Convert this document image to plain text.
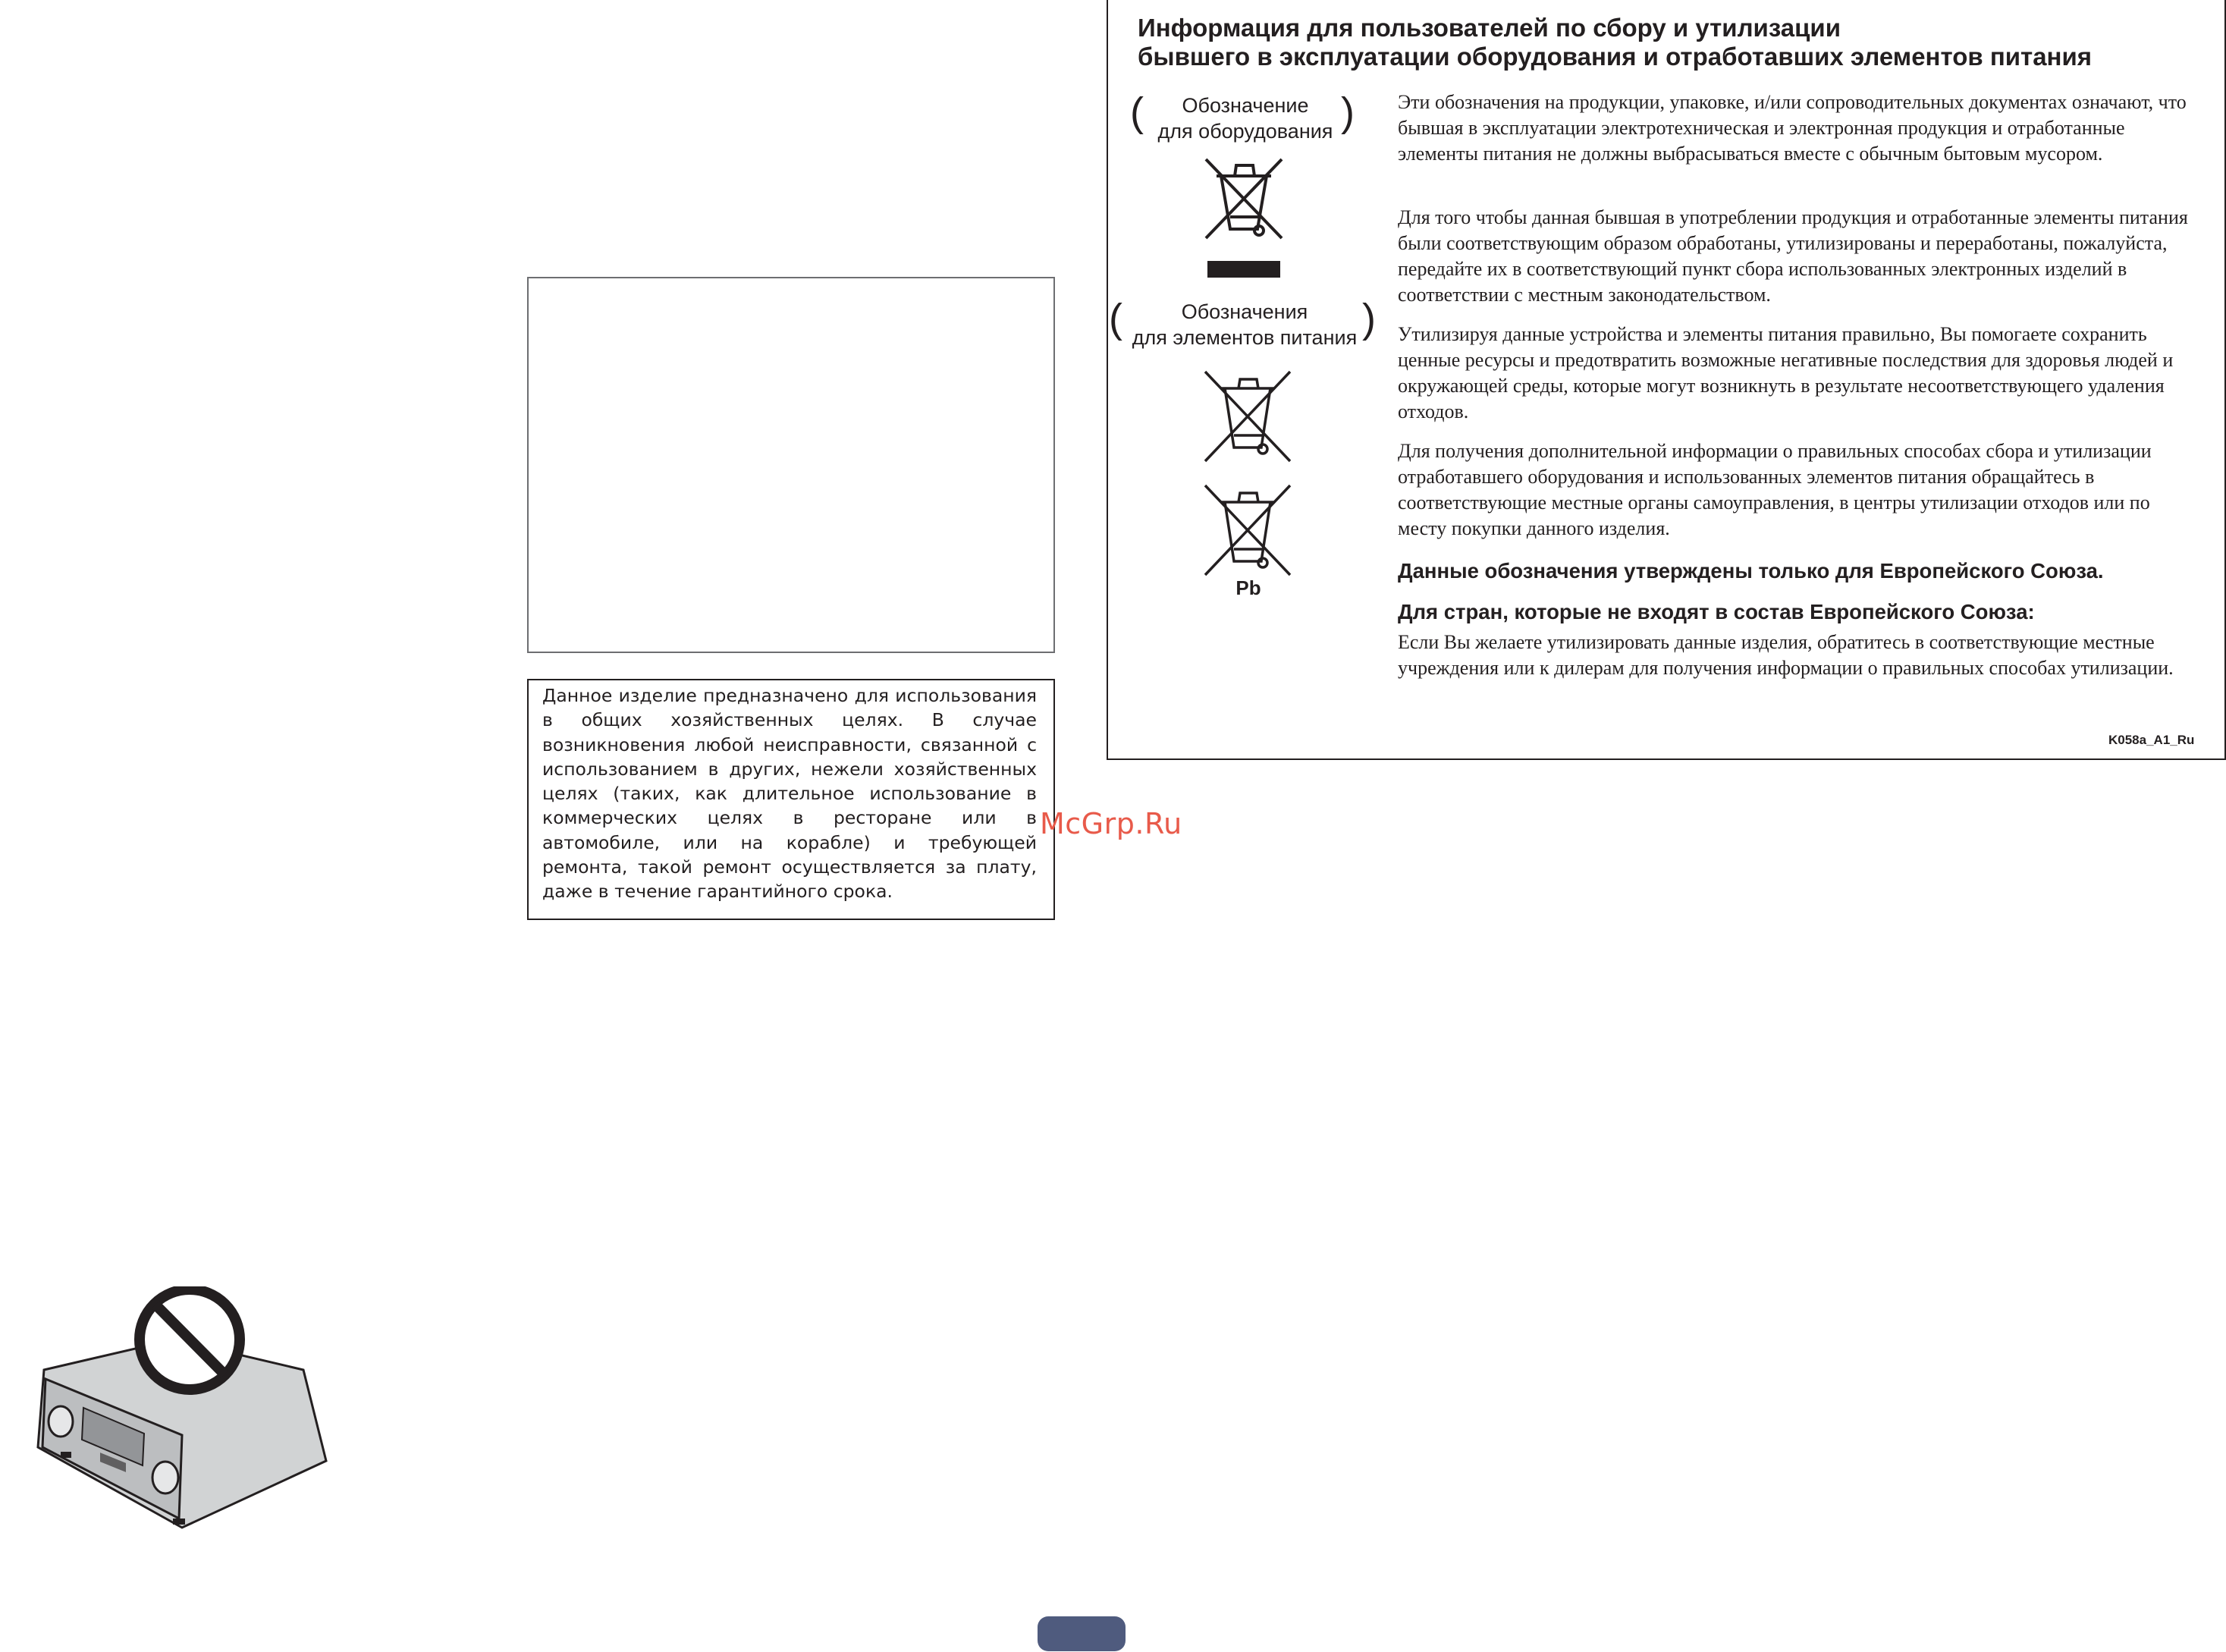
Данное изделие предназначено для использования в общих хозяйственных целях. В случае возникновения любой неисправности, связанной с использованием в других, нежели хозяйственных целях (таких, как длительное использование в коммерческих целях в ресторане или в автомобиле, или на корабле) и требующей ремонта, такой ремонт осуществляется за плату, даже в течение гарантийного срока.

McGrp.Ru
Информация для пользователей по сбору и утилизации
бывшего в эксплуатации оборудования и отработавших элементов питания
(	Обозначение
для оборудования )
(	Обозначения
для элементов питания )
Pb

Эти обозначения на продукции, упаковке, и/или сопроводительных документах означают, что бывшая в эксплуатации электротехническая и электронная продукция и отработанные элементы питания не должны выбрасываться вместе с обычным бытовым мусором.

Для того чтобы данная бывшая в употреблении продукция и отработанные элементы питания были соответствующим образом обработаны, утилизированы и переработаны, пожалуйста, передайте их в соответствующий пункт сбора использованных электронных изделий в соответствии с местным законодательством.

Утилизируя данные устройства и элементы питания правильно, Вы помогаете сохранить ценные ресурсы и предотвратить возможные негативные последствия для здоровья людей и окружающей среды, которые могут возникнуть в результате несоответствующего удаления отходов.

Для получения дополнительной информации о правильных способах сбора и утилизации отработавшего оборудования и использованных элементов питания обращайтесь в соответствующие местные органы самоуправления, в центры утилизации отходов или по месту покупки данного изделия.

Данные обозначения утверждены только для Европейского Союза.
Для стран, которые не входят в состав Европейского Союза:

Если Вы желаете утилизировать данные изделия, обратитесь в соответствующие местные учреждения или к дилерам для получения информации о правильных способах утилизации.

K058a_A1_Ru
